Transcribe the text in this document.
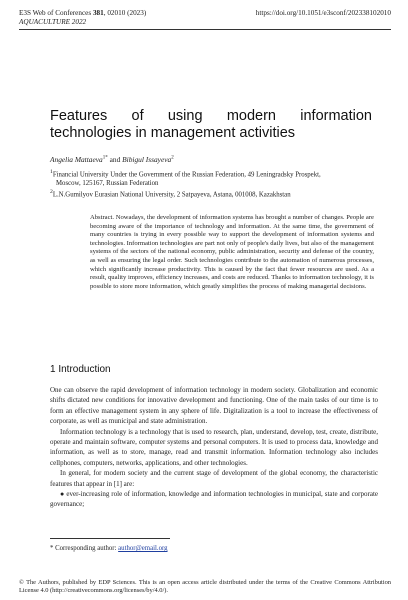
E3S Web of Conferences 381, 02010 (2023)
AQUACULTURE 2022
https://doi.org/10.1051/e3sconf/202338102010
Features of using modern information technologies in management activities
Angelia Mattaeva$^{1*}$ and Bibigul Issayeva$^2$

$^1$Financial University Under the Government of the Russian Federation, 49 Leningradsky Prospekt,

Moscow, 125167, Russian Federation

$^2$L.N.Gumilyov Eurasian National University, 2 Satpayeva, Astana, 001008, Kazakhstan

Abstract. Nowadays, the development of information systems has brought a number of changes. People are becoming aware of the importance of technology and information. At the same time, the government of many countries is trying in every possible way to support the development of information systems and technologies. Information technologies are part not only of people's daily lives, but also of the management systems of the sectors of the national economy, public administration, security and defense of the country, as well as ensuring the legal order. Such technologies contribute to the automation of numerous processes, which significantly increase productivity. This is caused by the fact that fewer resources are used. As a result, quality improves, efficiency increases, and costs are reduced. Thanks to information technology, it is possible to store more information, which greatly simplifies the process of making managerial decisions.

1 Introduction

One can observe the rapid development of information technology in modern society. Globalization and economic shifts dictated new conditions for innovative development and functioning. One of the main tasks of our time is to form an effective management system in any sphere of life. Digitalization is a tool to increase the effectiveness of corporate, as well as municipal and state administration.

Information technology is a technology that is used to research, plan, understand, develop, test, create, distribute, operate and maintain software, computer systems and personal computers. It is used to process data, knowledge and information, as well as to store, manage, read and transmit information. Information technology also includes cellphones, computers, networks, applications, and other technologies.

In general, for modern society and the current stage of development of the global economy, the characteristic features that appear in [1] are:

● ever-increasing role of information, knowledge and information technologies in municipal, state and corporate governance;

* Corresponding author: author@email.org

© The Authors, published by EDP Sciences. This is an open access article distributed under the terms of the Creative Commons Attribution License 4.0 (http://creativecommons.org/licenses/by/4.0/).
